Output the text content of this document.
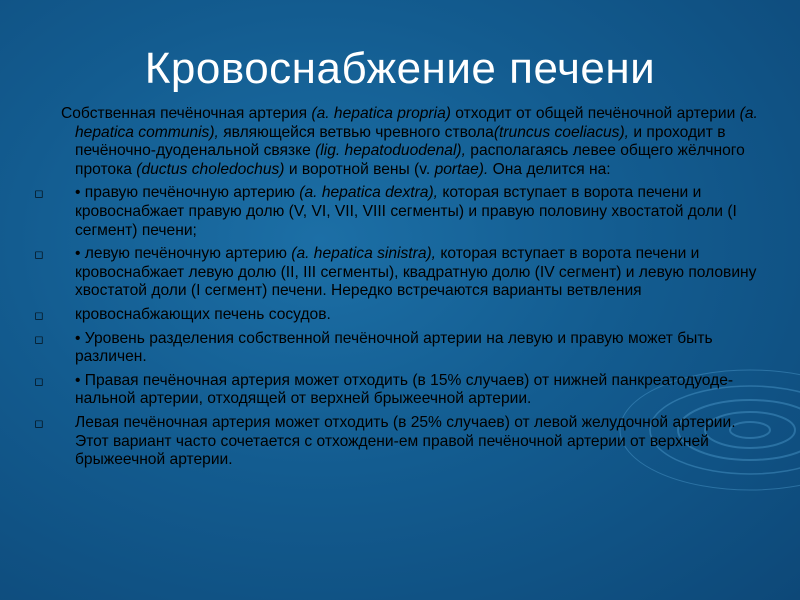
Кровоснабжение печени

Собственная печёночная артерия (a. hepatica propria) отходит от общей печёночной артерии (a. hepatica communis), являющейся ветвью чревного ствола(truncus coeliacus), и проходит в печёночно-дуоденальной связке (lig. hepatoduodenal), располагаясь левее общего жёлчного протока (ductus choledochus) и воротной вены (v. portae). Она делится на:

◻ • правую печёночную артерию (a. hepatica dextra), которая вступает в ворота печени и кровоснабжает правую долю (V, VI, VII, VIII сегменты) и правую половину хвостатой доли (I сегмент) печени;

◻ • левую печёночную артерию (a. hepatica sinistra), которая вступает в ворота печени и кровоснабжает левую долю (II, III сегменты), квадратную долю (IV сегмент) и левую половину хвостатой доли (I сегмент) печени. Нередко встречаются варианты ветвления

◻ кровоснабжающих печень сосудов.

◻ • Уровень разделения собственной печёночной артерии на левую и правую может быть различен.

◻ • Правая печёночная артерия может отходить (в 15% случаев) от нижней панкреатодуоде-нальной артерии, отходящей от верхней брыжеечной артерии.

◻ Левая печёночная артерия может отходить (в 25% случаев) от левой желудочной артерии. Этот вариант часто сочетается с отхождени-ем правой печёночной артерии от верхней брыжеечной артерии.
